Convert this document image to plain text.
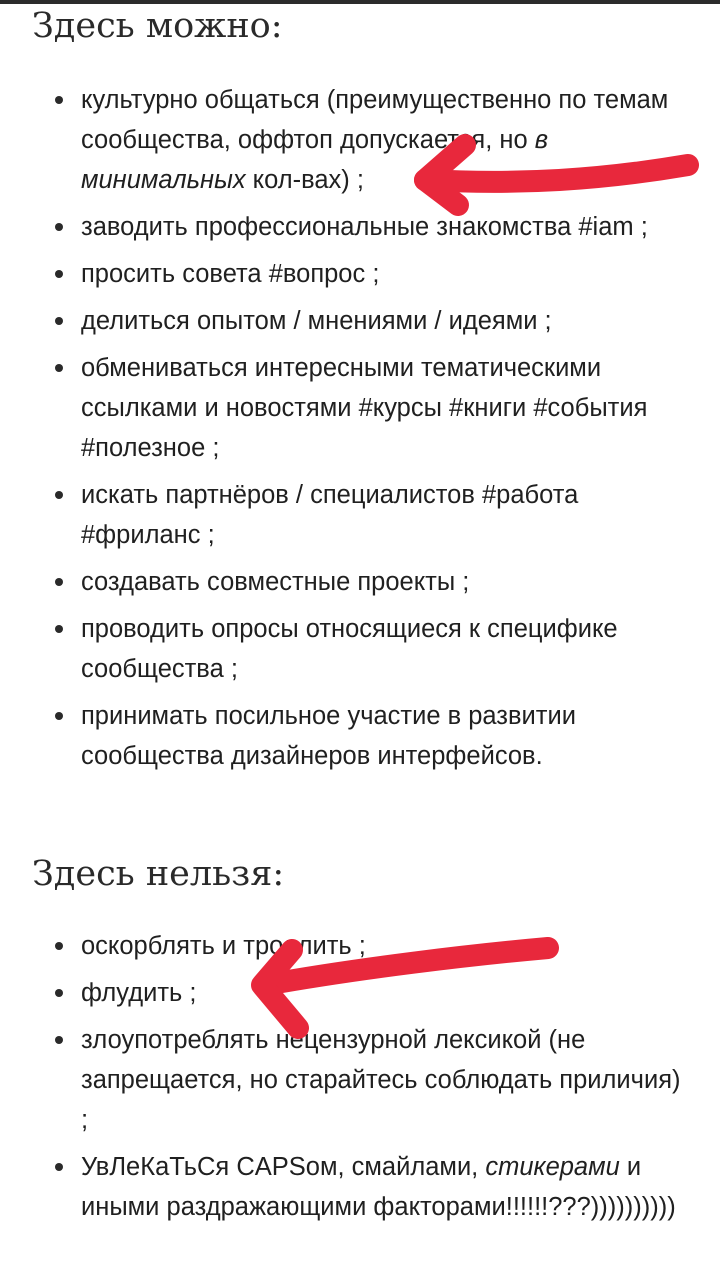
Здесь можно:
культурно общаться (преимущественно по темам сообщества, оффтоп допускается, но в минимальных кол-вах) ;
заводить профессиональные знакомства #iam ;
просить совета #вопрос ;
делиться опытом / мнениями / идеями ;
обмениваться интересными тематическими ссылками и новостями #курсы #книги #события #полезное ;
искать партнёров / специалистов #работа #фриланс ;
создавать совместные проекты ;
проводить опросы относящиеся к специфике сообщества ;
принимать посильное участие в развитии сообщества дизайнеров интерфейсов.
Здесь нельзя:
оскорблять и троллить ;
флудить ;
злоупотреблять нецензурной лексикой (не запрещается, но старайтесь соблюдать приличия) ;
УвЛеКаТьСя CAPSом, смайлами, стикерами и иными раздражающими факторами!!!!!!???))))))))))
